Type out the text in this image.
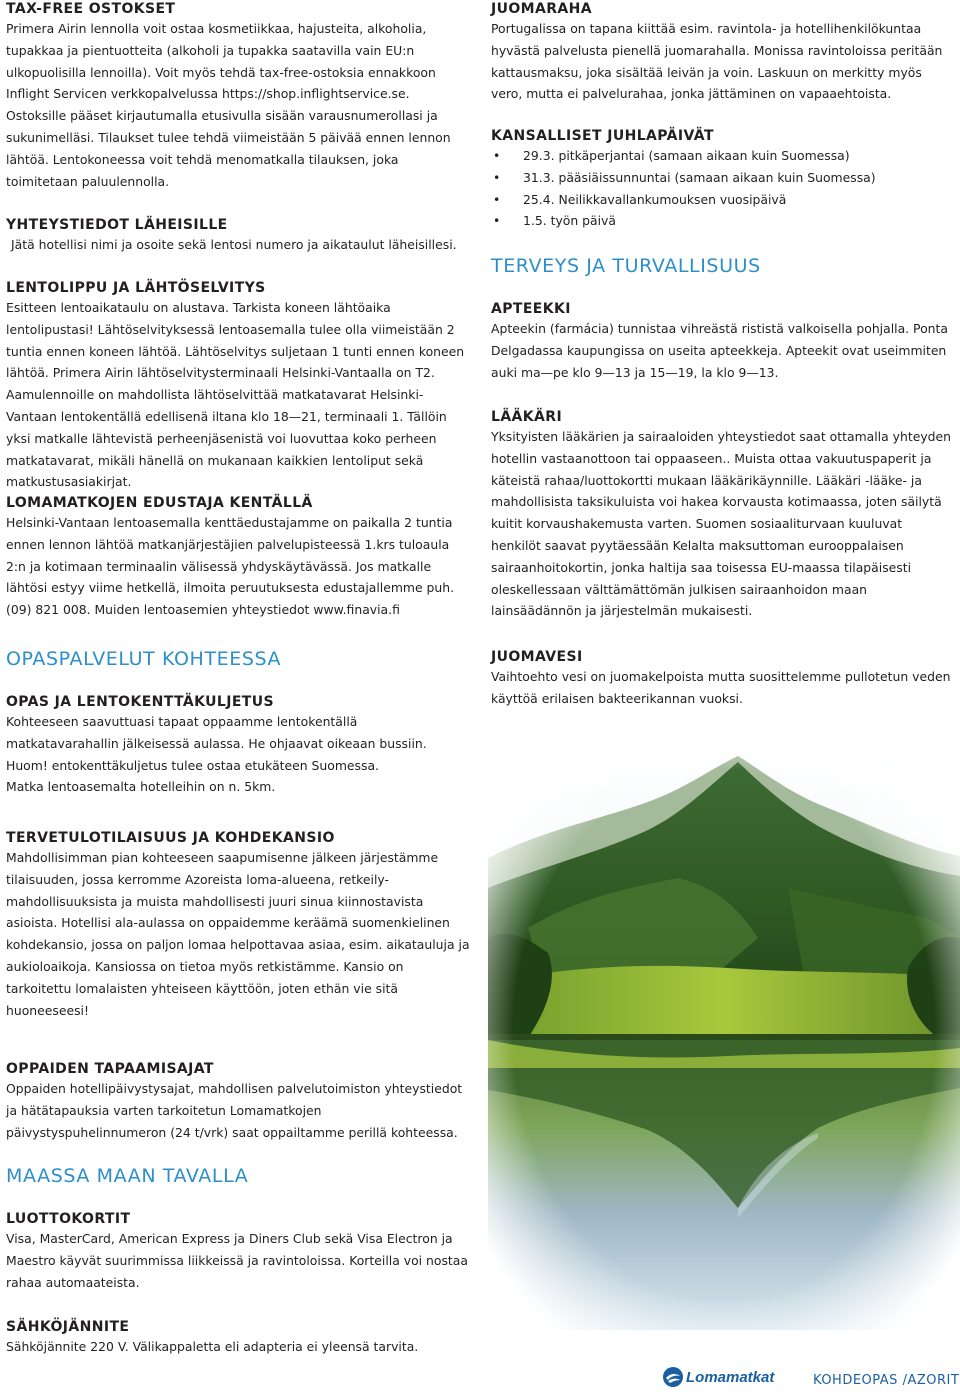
TAX-FREE OSTOKSET

Primera Airin lennolla voit ostaa kosmetiikkaa, hajusteita, alkoholia, tupakkaa ja pientuotteita (alkoholi ja tupakka saatavilla vain EU:n ulkopuolisilla lennoilla). Voit myös tehdä tax-free-ostoksia ennakkoon Inflight Servicen verkkopalvelussa https://shop.inflightservice.se. Ostoksille pääset kirjautumalla etusivulla sisään varausnumerollasi ja sukunimelläsi. Tilaukset tulee tehdä viimeistään 5 päivää ennen lennon lähtöä. Lentokoneessa voit tehdä menomatkalla tilauksen, joka toimitetaan paluulennolla.

YHTEYSTIEDOT LÄHEISILLE

Jätä hotellisi nimi ja osoite sekä lentosi numero ja aikataulut läheisillesi.

LENTOLIPPU JA LÄHTÖSELVITYS

Esitteen lentoaikataulu on alustava. Tarkista koneen lähtöaika lentolipustasi! Lähtöselvityksessä lentoasemalla tulee olla viimeistään 2 tuntia ennen koneen lähtöä. Lähtöselvitys suljetaan 1 tunti ennen koneen lähtöä. Primera Airin lähtöselvitysterminaali Helsinki-Vantaalla on T2. Aamulennoille on mahdollista lähtöselvittää matkatavarat Helsinki-Vantaan lentokentällä edellisenä iltana klo 18—21, terminaali 1. Tällöin yksi matkalle lähtevistä perheenjäsenistä voi luovuttaa koko perheen matkatavarat, mikäli hänellä on mukanaan kaikkien lentoliput sekä matkustusasiakirjat.

LOMAMATKOJEN EDUSTAJA KENTÄLLÄ

Helsinki-Vantaan lentoasemalla kenttäedustajamme on paikalla 2 tuntia ennen lennon lähtöä matkanjärjestäjien palvelupisteessä 1.krs tuloaula 2:n ja kotimaan terminaalin välisessä yhdyskäytävässä. Jos matkalle lähtösi estyy viime hetkellä, ilmoita peruutuksesta edustajallemme puh. (09) 821 008. Muiden lentoasemien yhteystiedot www.finavia.fi

OPASPALVELUT KOHTEESSA
OPAS JA LENTOKENTTÄKULJETUS

Kohteeseen saavuttuasi tapaat oppaamme lentokentällä matkatavarahallin jälkeisessä aulassa. He ohjaavat oikeaan bussiin. Huom! entokenttäkuljetus tulee ostaa etukäteen Suomessa.

Matka lentoasemalta hotelleihin on n. 5km.

TERVETULOTILAISUUS JA KOHDEKANSIO

Mahdollisimman pian kohteeseen saapumisenne jälkeen järjestämme tilaisuuden, jossa kerromme Azoreista loma-alueena, retkeily-mahdollisuuksista ja muista mahdollisesti juuri sinua kiinnostavista asioista. Hotellisi ala-aulassa on oppaidemme keräämä suomenkielinen kohdekansio, jossa on paljon lomaa helpottavaa asiaa, esim. aikatauluja ja aukioloaikoja. Kansiossa on tietoa myös retkistämme. Kansio on tarkoitettu lomalaisten yhteiseen käyttöön, joten ethän vie sitä huoneeseesi!

OPPAIDEN TAPAAMISAJAT

Oppaiden hotellipäivystysajat, mahdollisen palvelutoimiston yhteystiedot ja hätätapauksia varten tarkoitetun Lomamatkojen päivystyspuhelinnumeron (24 t/vrk) saat oppailtamme perillä kohteessa.

MAASSA MAAN TAVALLA
LUOTTOKORTIT

Visa, MasterCard, American Express ja Diners Club sekä Visa Electron ja Maestro käyvät suurimmissa liikkeissä ja ravintoloissa. Korteilla voi nostaa rahaa automaateista.

SÄHKÖJÄNNITE

Sähköjännite 220 V. Välikappaletta eli adapteria ei yleensä tarvita.

JUOMARAHA

Portugalissa on tapana kiittää esim. ravintola- ja hotellihenkilökuntaa hyvästä palvelusta pienellä juomarahalla. Monissa ravintoloissa peritään kattausmaksu, joka sisältää leivän ja voin. Laskuun on merkitty myös vero, mutta ei palvelurahaa, jonka jättäminen on vapaaehtoista.

KANSALLISET JUHLAPÄIVÄT
• 29.3. pitkäperjantai (samaan aikaan kuin Suomessa)
• 31.3. pääsiäissunnuntai (samaan aikaan kuin Suomessa)
• 25.4. Neilikkavallankumouksen vuosipäivä
• 1.5. työn päivä
TERVEYS JA TURVALLISUUS
APTEEKKI

Apteekin (farmácia) tunnistaa vihreästä rististä valkoisella pohjalla. Ponta Delgadassa kaupungissa on useita apteekkeja. Apteekit ovat useimmiten auki ma—pe klo 9—13 ja 15—19, la klo 9—13.

LÄÄKÄRI

Yksityisten lääkärien ja sairaaloiden yhteystiedot saat ottamalla yhteyden hotellin vastaanottoon tai oppaaseen.. Muista ottaa vakuutuspaperit ja käteistä rahaa/luottokortti mukaan lääkärikäynnille. Lääkäri -lääke- ja mahdollisista taksikuluista voi hakea korvausta kotimaassa, joten säilytä kuitit korvaushakemusta varten. Suomen sosiaaliturvaan kuuluvat henkilöt saavat pyytäessään Kelalta maksuttoman eurooppalaisen sairaanhoitokortin, jonka haltija saa toisessa EU-maassa tilapäisesti oleskellessaan välttämättömän julkisen sairaanhoidon maan lainsäädännön ja järjestelmän mukaisesti.

JUOMAVESI

Vaihtoehto vesi on juomakelpoista mutta suosittelemme pullotetun veden käyttöä erilaisen bakteerikannan vuoksi.

Lomamatkat	KOHDEOPAS /AZORIT
